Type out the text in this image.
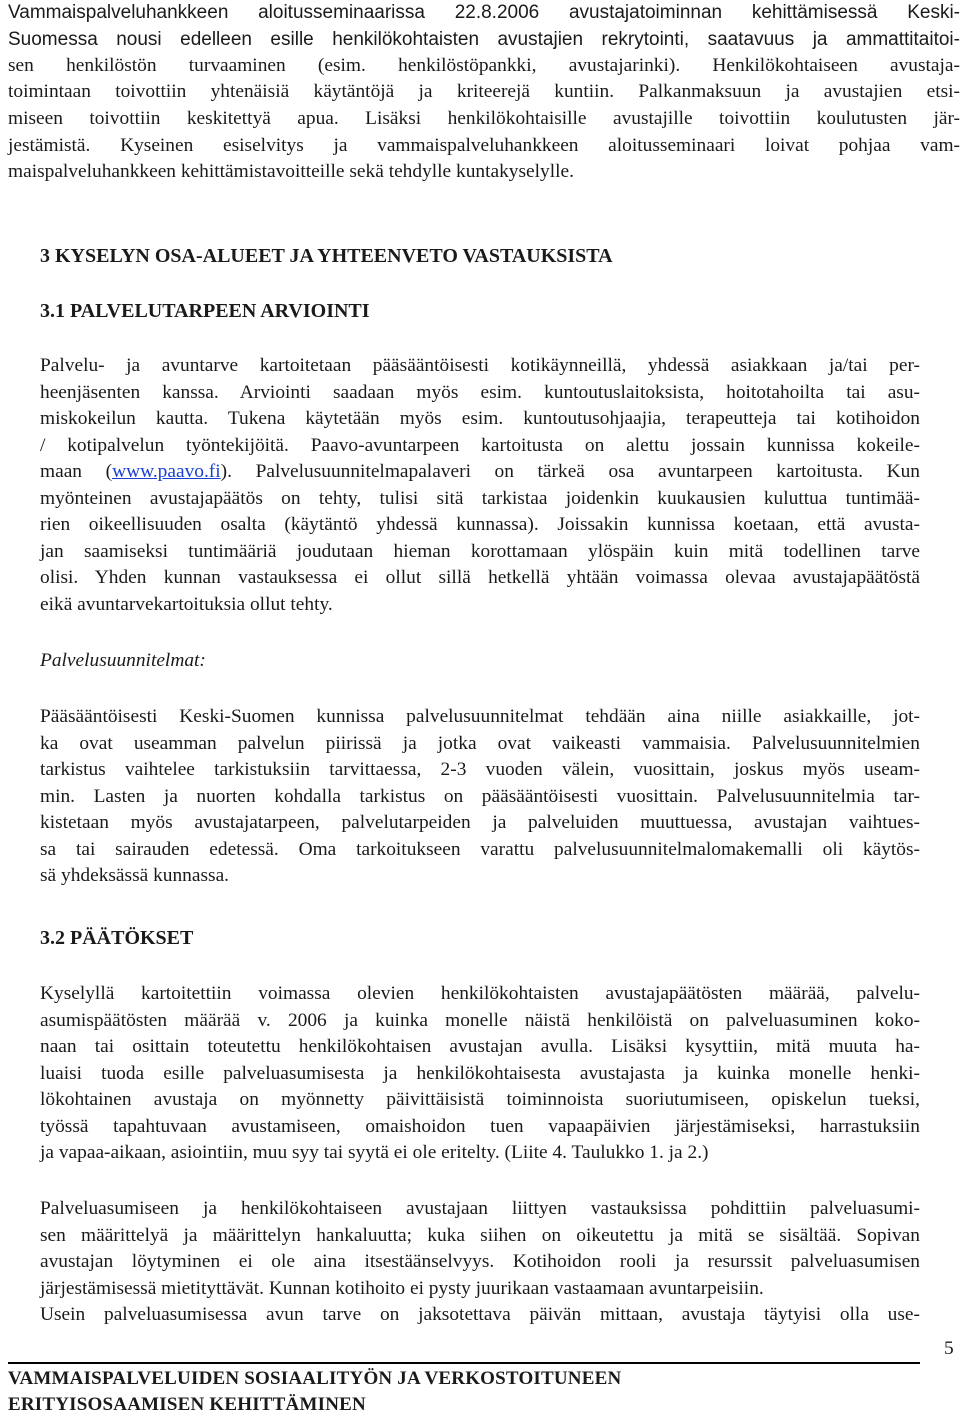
Vammaispalveluhankkeen aloitusseminaarissa 22.8.2006 avustajatoiminnan kehittämisessä Keski-
Suomessa nousi edelleen esille henkilökohtaisten avustajien rekrytointi, saatavuus ja ammattitaitoi-
sen henkilöstön turvaaminen (esim. henkilöstöpankki, avustajarinki). Henkilökohtaiseen avustaja-
toimintaan toivottiin yhtenäisiä käytäntöjä ja kriteerejä kuntiin. Palkanmaksuun ja avustajien etsi-
miseen toivottiin keskitettyä apua. Lisäksi henkilökohtaisille avustajille toivottiin koulutusten jär-
jestämistä. Kyseinen esiselvitys ja vammaispalveluhankkeen aloitusseminaari loivat pohjaa vam-
maispalveluhankkeen kehittämistavoitteille sekä tehdylle kuntakyselylle.
3 KYSELYN OSA-ALUEET JA YHTEENVETO VASTAUKSISTA
3.1 PALVELUTARPEEN ARVIOINTI
Palvelu- ja avuntarve kartoitetaan pääsääntöisesti kotikäynneillä, yhdessä asiakkaan ja/tai per-
heenjäsenten kanssa. Arviointi saadaan myös esim. kuntoutuslaitoksista, hoitotahoilta tai asu-
miskokeilun kautta. Tukena käytetään myös esim. kuntoutusohjaajia, terapeutteja tai kotihoidon
/ kotipalvelun työntekijöitä. Paavo-avuntarpeen kartoitusta on alettu jossain kunnissa kokeile-
maan (www.paavo.fi). Palvelusuunnitelmapalaveri on tärkeä osa avuntarpeen kartoitusta. Kun
myönteinen avustajapäätös on tehty, tulisi sitä tarkistaa joidenkin kuukausien kuluttua tuntimää-
rien oikeellisuuden osalta (käytäntö yhdessä kunnassa). Joissakin kunnissa koetaan, että avusta-
jan saamiseksi tuntimääriä joudutaan hieman korottamaan ylöspäin kuin mitä todellinen tarve
olisi. Yhden kunnan vastauksessa ei ollut sillä hetkellä yhtään voimassa olevaa avustajapäätöstä
eikä avuntarvekartoituksia ollut tehty.
Palvelusuunnitelmat:
Pääsääntöisesti Keski-Suomen kunnissa palvelusuunnitelmat tehdään aina niille asiakkaille, jot-
ka ovat useamman palvelun piirissä ja jotka ovat vaikeasti vammaisia. Palvelusuunnitelmien
tarkistus vaihtelee tarkistuksiin tarvittaessa, 2-3 vuoden välein, vuosittain, joskus myös useam-
min. Lasten ja nuorten kohdalla tarkistus on pääsääntöisesti vuosittain. Palvelusuunnitelmia tar-
kistetaan myös avustajatarpeen, palvelutarpeiden ja palveluiden muuttuessa, avustajan vaihtues-
sa tai sairauden edetessä. Oma tarkoitukseen varattu palvelusuunnitelmalomakemalli oli käytös-
sä yhdeksässä kunnassa.
3.2 PÄÄTÖKSET
Kyselyllä kartoitettiin voimassa olevien henkilökohtaisten avustajapäätösten määrää, palvelu-
asumispäätösten määrää v. 2006 ja kuinka monelle näistä henkilöistä on palveluasuminen koko-
naan tai osittain toteutettu henkilökohtaisen avustajan avulla. Lisäksi kysyttiin, mitä muuta ha-
luaisi tuoda esille palveluasumisesta ja henkilökohtaisesta avustajasta ja kuinka monelle henki-
lökohtainen avustaja on myönnetty päivittäisistä toiminnoista suoriutumiseen, opiskelun tueksi,
työssä tapahtuvaan avustamiseen, omaishoidon tuen vapaapäivien järjestämiseksi, harrastuksiin
ja vapaa-aikaan, asiointiin, muu syy tai syytä ei ole eritelty. (Liite 4. Taulukko 1. ja 2.)
Palveluasumiseen ja henkilökohtaiseen avustajaan liittyen vastauksissa pohdittiin palveluasumi-
sen määrittelyä ja määrittelyn hankaluutta; kuka siihen on oikeutettu ja mitä se sisältää. Sopivan
avustajan löytyminen ei ole aina itsestäänselvyys. Kotihoidon rooli ja resurssit palveluasumisen
järjestämisessä mietityttävät. Kunnan kotihoito ei pysty juurikaan vastaamaan avuntarpeisiin.
Usein palveluasumisessa avun tarve on jaksotettava päivän mittaan, avustaja täytyisi olla use-
5
VAMMAISPALVELUIDEN SOSIAALITYÖN JA VERKOSTOITUNEEN
ERITYISOSAAMISEN KEHITTÄMINEN
